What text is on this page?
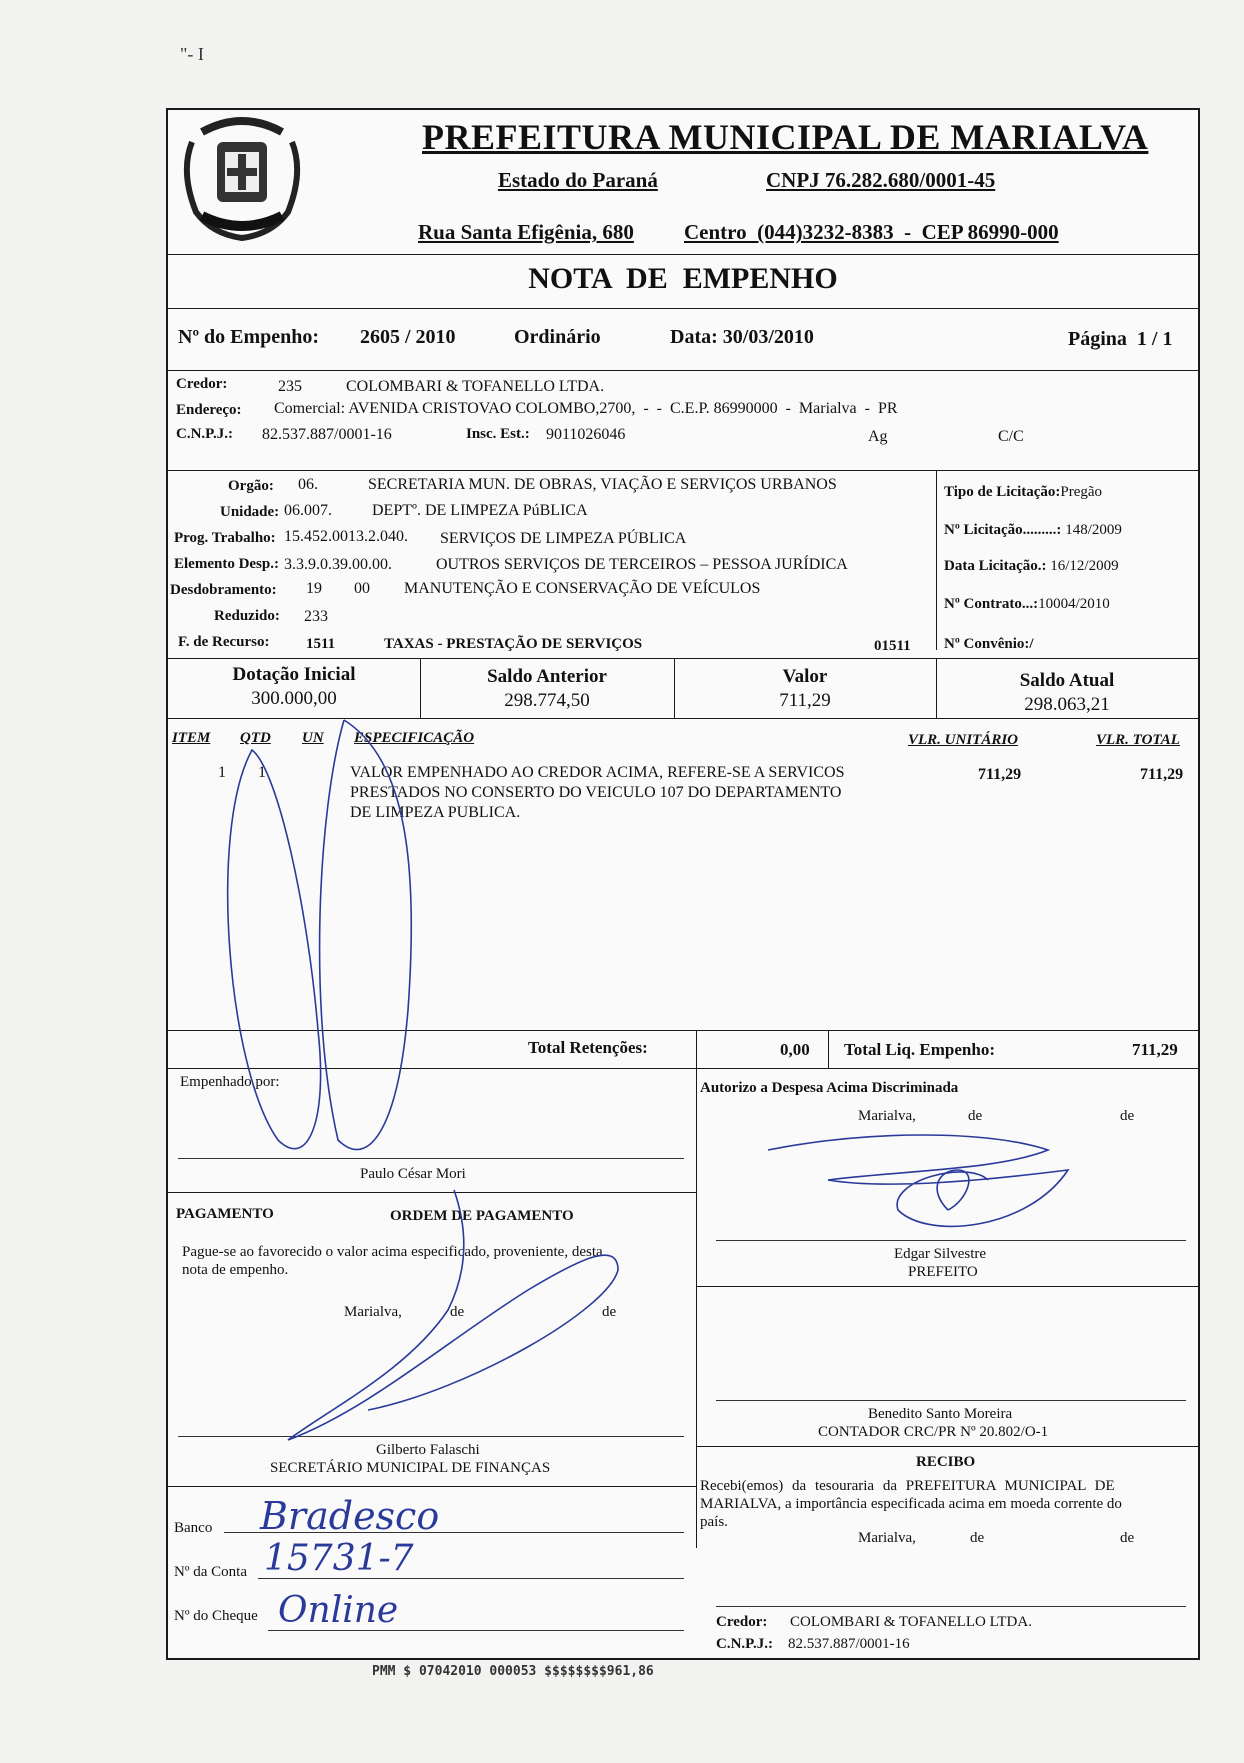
"- I
PREFEITURA MUNICIPAL DE MARIALVA
Estado do Paraná	CNPJ 76.282.680/0001-45
Rua Santa Efigênia, 680 Centro  (044)3232-8383  -  CEP 86990-000
NOTA  DE  EMPENHO
Nº do Empenho: 2605 / 2010	Ordinário	Data: 30/03/2010	Página  1 / 1
Credor:	235	COLOMBARI & TOFANELLO LTDA.
Endereço: Comercial: AVENIDA CRISTOVAO COLOMBO,2700,  -  -  C.E.P. 86990000  -  Marialva  -  PR
C.N.P.J.: 82.537.887/0001-16	Insc. Est.: 9011026046	Ag	C/C
Orgão: 06.	SECRETARIA MUN. DE OBRAS, VIAÇÃO E SERVIÇOS URBANOS
Unidade: 06.007.	DEPTº. DE LIMPEZA PúBLICA
Prog. Trabalho: 15.452.0013.2.040. SERVIÇOS DE LIMPEZA PÚBLICA
Elemento Desp.: 3.3.9.0.39.00.00.	OUTROS SERVIÇOS DE TERCEIROS – PESSOA JURÍDICA
Desdobramento: 19 00 MANUTENÇÃO E CONSERVAÇÃO DE VEÍCULOS
Reduzido: 233
F. de Recurso: 1511	TAXAS - PRESTAÇÃO DE SERVIÇOS	01511
Tipo de Licitação:Pregão
Nº Licitação.........: 148/2009
Data Licitação.: 16/12/2009
Nº Contrato...:10004/2010
Nº Convênio:/
Dotação Inicial
300.000,00
Saldo Anterior
298.774,50
Valor
711,29
Saldo Atual
298.063,21
ITEM QTD UN ESPECIFICAÇÃO	VLR. UNITÁRIO	VLR. TOTAL
1 1	VALOR EMPENHADO AO CREDOR ACIMA, REFERE-SE A SERVICOS
PRESTADOS NO CONSERTO DO VEICULO 107 DO DEPARTAMENTO
DE LIMPEZA PUBLICA.
711,29	711,29
Total Retenções:	0,00 Total Liq. Empenho:	711,29
Empenhado por:
Paulo César Mori
Autorizo a Despesa Acima Discriminada
Marialva,	de	de
Edgar Silvestre
PREFEITO
PAGAMENTO	ORDEM DE PAGAMENTO
Pague-se ao favorecido o valor acima especificado, proveniente, desta
nota de empenho.
Marialva,	de	de
Gilberto Falaschi
SECRETÁRIO MUNICIPAL DE FINANÇAS
Benedito Santo Moreira
CONTADOR CRC/PR Nº 20.802/O-1
RECIBO
Recebi(emos) da tesouraria da PREFEITURA MUNICIPAL DE
MARIALVA, a importância especificada acima em moeda corrente do
país.
Marialva,	de	de
Credor: COLOMBARI & TOFANELLO LTDA.
C.N.P.J.: 82.537.887/0001-16
Banco Bradesco
Nº da Conta 15731-7
Nº do Cheque Online
PMM $ 07042010 000053 $$$$$$$$961,86
